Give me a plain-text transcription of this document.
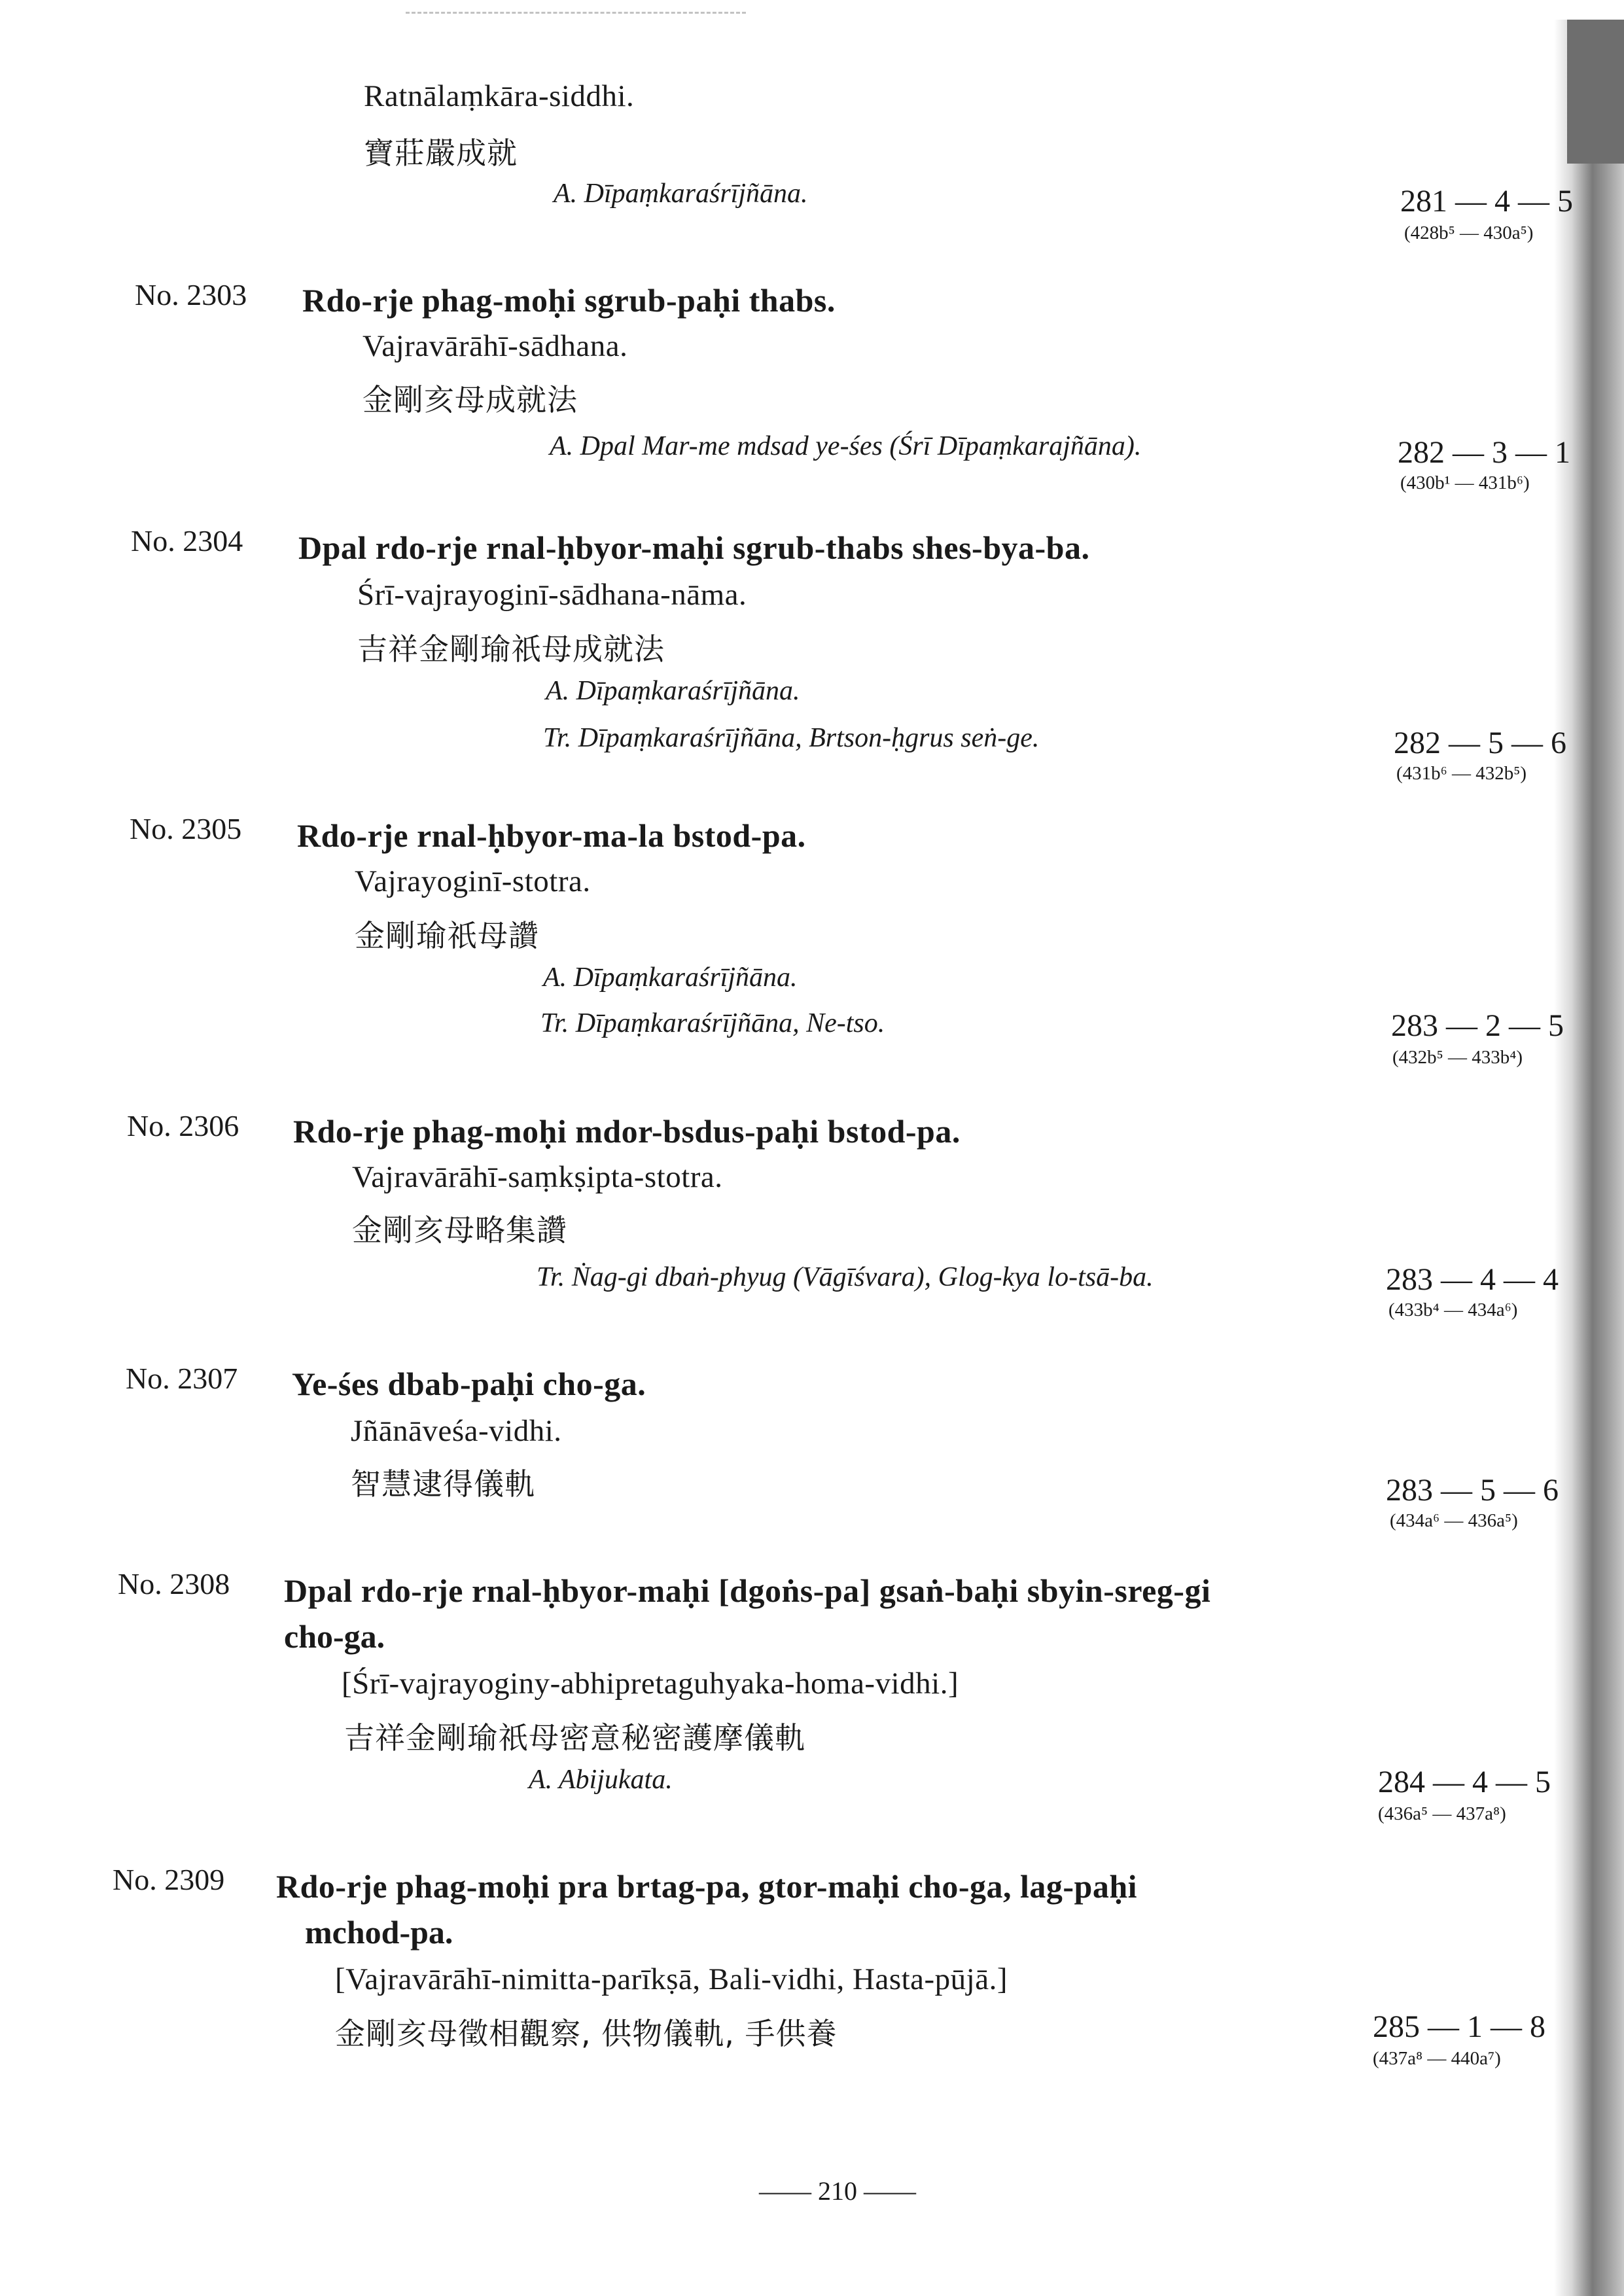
Ratnālaṃkāra-siddhi.
寶莊嚴成就
A. Dīpaṃkaraśrījñāna.	281 — 4 — 5
(428b⁵ — 430a⁵)
No. 2303 Rdo-rje phag-moḥi sgrub-paḥi thabs.
Vajravārāhī-sādhana.
金剛亥母成就法
A. Dpal Mar-me mdsad ye-śes (Śrī Dīpaṃkarajñāna).	282 — 3 — 1
(430b¹ — 431b⁶)
No. 2304 Dpal rdo-rje rnal-ḥbyor-maḥi sgrub-thabs shes-bya-ba.
Śrī-vajrayoginī-sādhana-nāma.
吉祥金剛瑜祇母成就法
A. Dīpaṃkaraśrījñāna.
Tr. Dīpaṃkaraśrījñāna, Brtson-ḥgrus seṅ-ge.	282 — 5 — 6
(431b⁶ — 432b⁵)
No. 2305 Rdo-rje rnal-ḥbyor-ma-la bstod-pa.
Vajrayoginī-stotra.
金剛瑜祇母讚
A. Dīpaṃkaraśrījñāna.
Tr. Dīpaṃkaraśrījñāna, Ne-tso.	283 — 2 — 5
(432b⁵ — 433b⁴)
No. 2306 Rdo-rje phag-moḥi mdor-bsdus-paḥi bstod-pa.
Vajravārāhī-saṃkṣipta-stotra.
金剛亥母略集讚
Tr. Ṅag-gi dbaṅ-phyug (Vāgīśvara), Glog-kya lo-tsā-ba.	283 — 4 — 4
(433b⁴ — 434a⁶)
No. 2307 Ye-śes dbab-paḥi cho-ga.
Jñānāveśa-vidhi.
智慧逮得儀軌	283 — 5 — 6
(434a⁶ — 436a⁵)
No. 2308 Dpal rdo-rje rnal-ḥbyor-maḥi [dgoṅs-pa] gsaṅ-baḥi sbyin-sreg-gi
cho-ga.
[Śrī-vajrayoginy-abhipretaguhyaka-homa-vidhi.]
吉祥金剛瑜祇母密意秘密護摩儀軌
A. Abijukata.	284 — 4 — 5
(436a⁵ — 437a⁸)
No. 2309 Rdo-rje phag-moḥi pra brtag-pa, gtor-maḥi cho-ga, lag-paḥi
mchod-pa.
[Vajravārāhī-nimitta-parīkṣā, Bali-vidhi, Hasta-pūjā.]
金剛亥母徵相觀察, 供物儀軌, 手供養	285 — 1 — 8
(437a⁸ — 440a⁷)
—— 210 ——
